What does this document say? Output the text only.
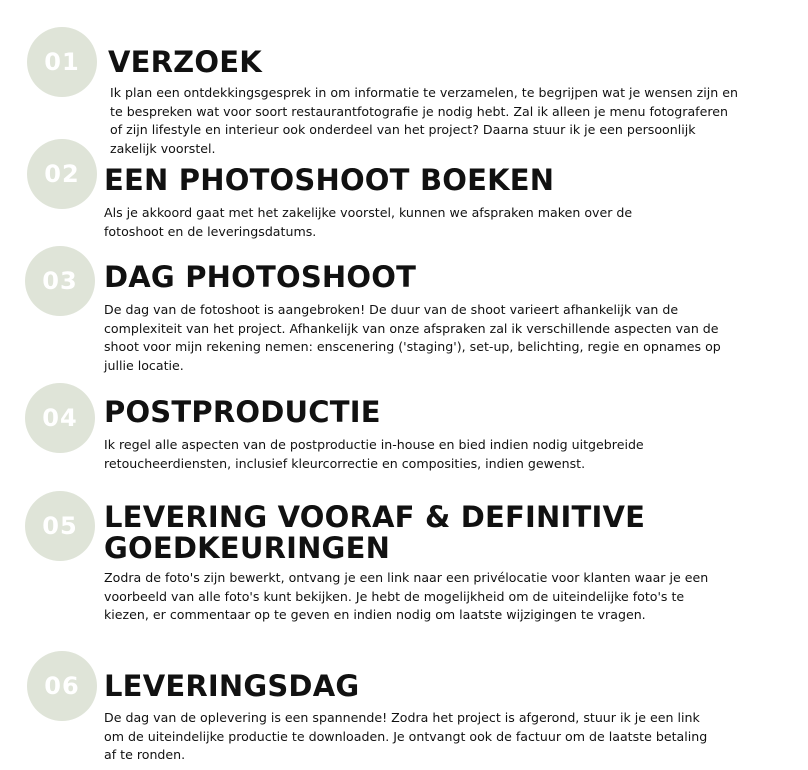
01 VERZOEK

Ik plan een ontdekkingsgesprek in om informatie te verzamelen, te begrijpen wat je wensen zijn en te bespreken wat voor soort restaurantfotografie je nodig hebt. Zal ik alleen je menu fotograferen of zijn lifestyle en interieur ook onderdeel van het project? Daarna stuur ik je een persoonlijk zakelijk voorstel.

02 EEN PHOTOSHOOT BOEKEN

Als je akkoord gaat met het zakelijke voorstel, kunnen we afspraken maken over de fotoshoot en de leveringsdatums.

03 DAG PHOTOSHOOT

De dag van de fotoshoot is aangebroken! De duur van de shoot varieert afhankelijk van de complexiteit van het project. Afhankelijk van onze afspraken zal ik verschillende aspecten van de shoot voor mijn rekening nemen: enscenering ('staging'), set-up, belichting, regie en opnames op jullie locatie.

04 POSTPRODUCTIE

Ik regel alle aspecten van de postproductie in-house en bied indien nodig uitgebreide retoucheerdiensten, inclusief kleurcorrectie en composities, indien gewenst.

05 LEVERING VOORAF & DEFINITIVE GOEDKEURINGEN

Zodra de foto's zijn bewerkt, ontvang je een link naar een privélocatie voor klanten waar je een voorbeeld van alle foto's kunt bekijken. Je hebt de mogelijkheid om de uiteindelijke foto's te kiezen, er commentaar op te geven en indien nodig om laatste wijzigingen te vragen.

06 LEVERINGSDAG

De dag van de oplevering is een spannende! Zodra het project is afgerond, stuur ik je een link om de uiteindelijke productie te downloaden. Je ontvangt ook de factuur om de laatste betaling af te ronden.
